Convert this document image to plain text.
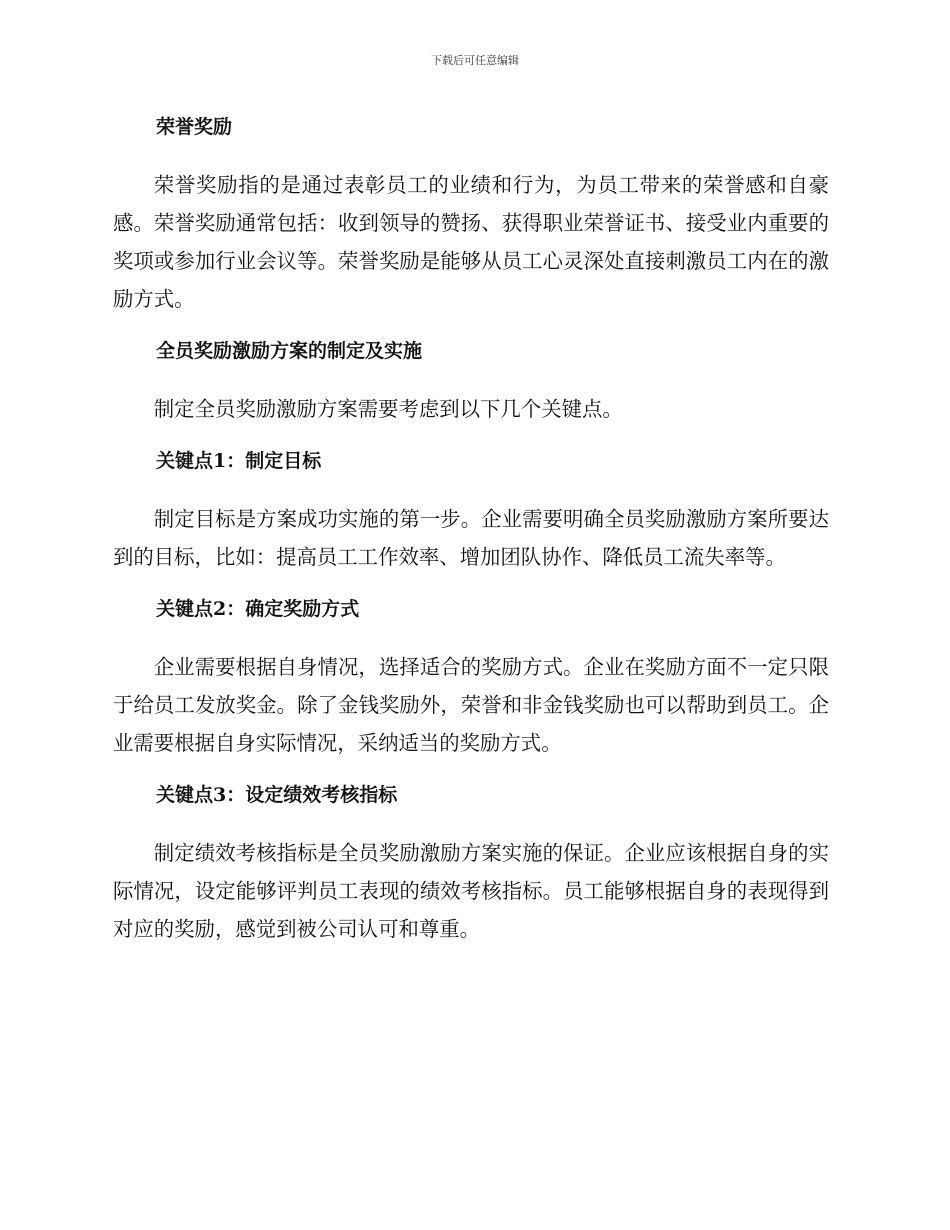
下载后可任意编辑
荣誉奖励

荣誉奖励指的是通过表彰员工的业绩和行为，为员工带来的荣誉感和自豪感。荣誉奖励通常包括：收到领导的赞扬、获得职业荣誉证书、接受业内重要的奖项或参加行业会议等。荣誉奖励是能够从员工心灵深处直接刺激员工内在的激励方式。

全员奖励激励方案的制定及实施

制定全员奖励激励方案需要考虑到以下几个关键点。

关键点1：制定目标

制定目标是方案成功实施的第一步。企业需要明确全员奖励激励方案所要达到的目标，比如：提高员工工作效率、增加团队协作、降低员工流失率等。

关键点2：确定奖励方式

企业需要根据自身情况，选择适合的奖励方式。企业在奖励方面不一定只限于给员工发放奖金。除了金钱奖励外，荣誉和非金钱奖励也可以帮助到员工。企业需要根据自身实际情况，采纳适当的奖励方式。

关键点3：设定绩效考核指标

制定绩效考核指标是全员奖励激励方案实施的保证。企业应该根据自身的实际情况，设定能够评判员工表现的绩效考核指标。员工能够根据自身的表现得到对应的奖励，感觉到被公司认可和尊重。
